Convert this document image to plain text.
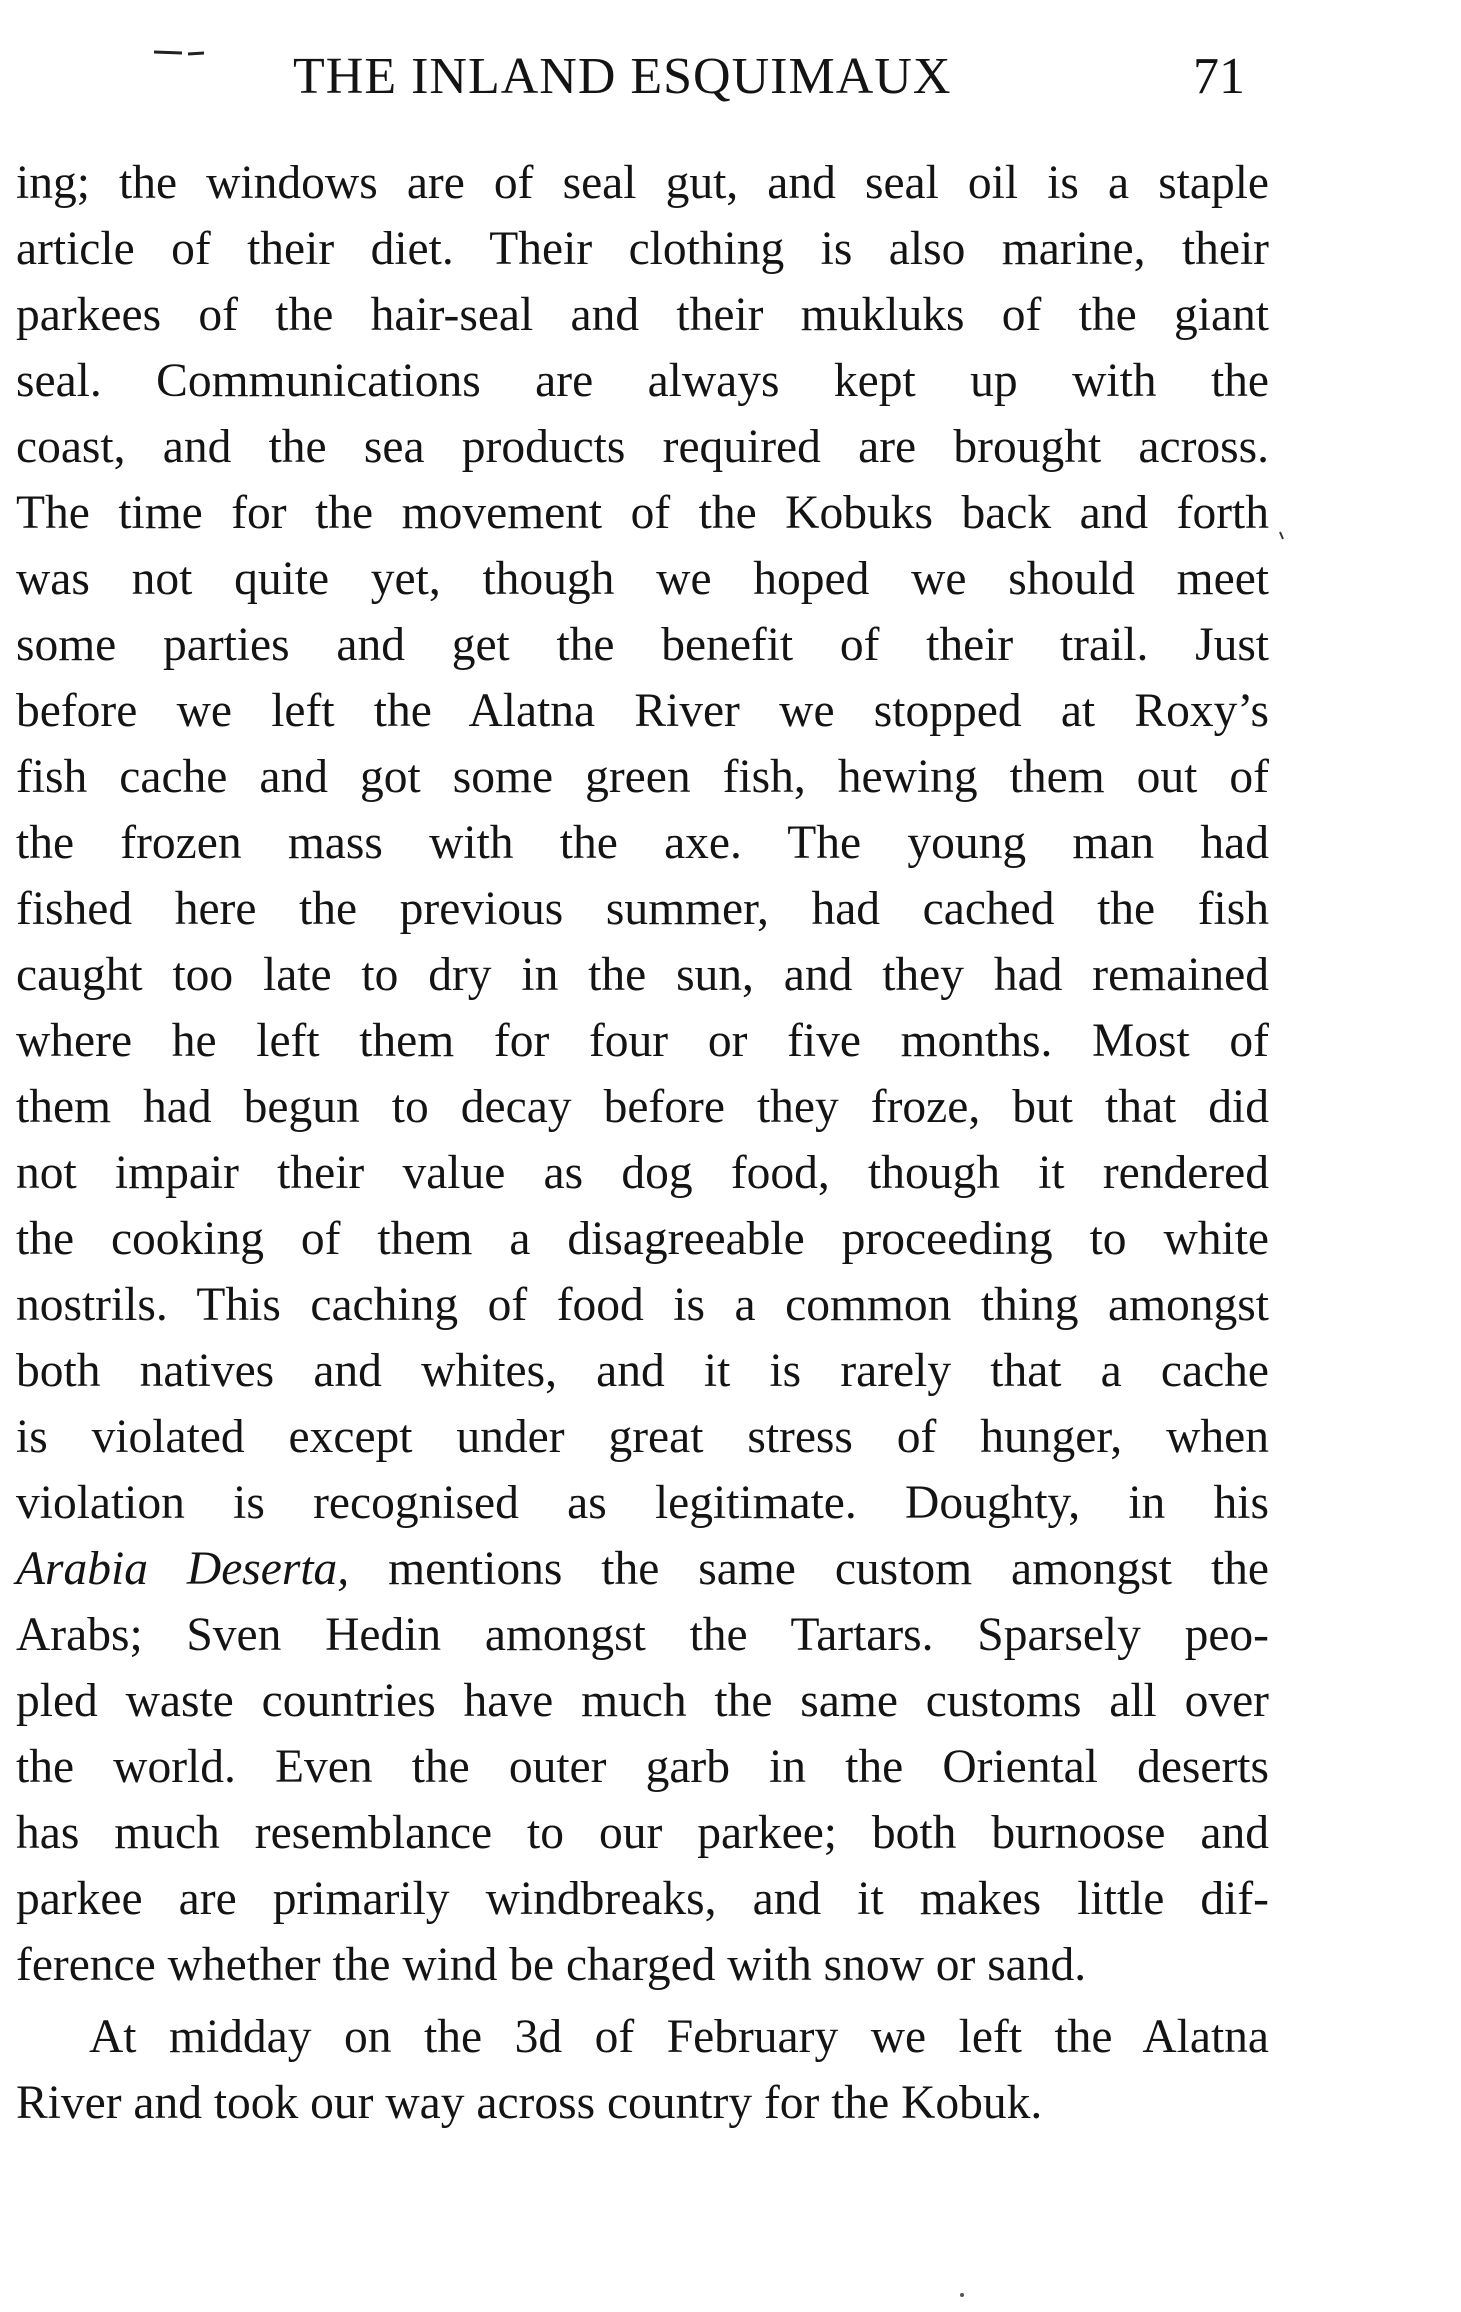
THE INLAND ESQUIMAUX	71
ing; the windows are of seal gut, and seal oil is a staple
article of their diet. Their clothing is also marine, their
parkees of the hair-seal and their mukluks of the giant
seal. Communications are always kept up with the
coast, and the sea products required are brought across.
The time for the movement of the Kobuks back and forth
was not quite yet, though we hoped we should meet
some parties and get the benefit of their trail. Just
before we left the Alatna River we stopped at Roxy’s
fish cache and got some green fish, hewing them out of
the frozen mass with the axe. The young man had
fished here the previous summer, had cached the fish
caught too late to dry in the sun, and they had remained
where he left them for four or five months. Most of
them had begun to decay before they froze, but that did
not impair their value as dog food, though it rendered
the cooking of them a disagreeable proceeding to white
nostrils. This caching of food is a common thing amongst
both natives and whites, and it is rarely that a cache
is violated except under great stress of hunger, when
violation is recognised as legitimate. Doughty, in his
Arabia Deserta, mentions the same custom amongst the
Arabs; Sven Hedin amongst the Tartars. Sparsely peo-
pled waste countries have much the same customs all over
the world. Even the outer garb in the Oriental deserts
has much resemblance to our parkee; both burnoose and
parkee are primarily windbreaks, and it makes little dif-
ference whether the wind be charged with snow or sand.
At midday on the 3d of February we left the Alatna
River and took our way across country for the Kobuk.
